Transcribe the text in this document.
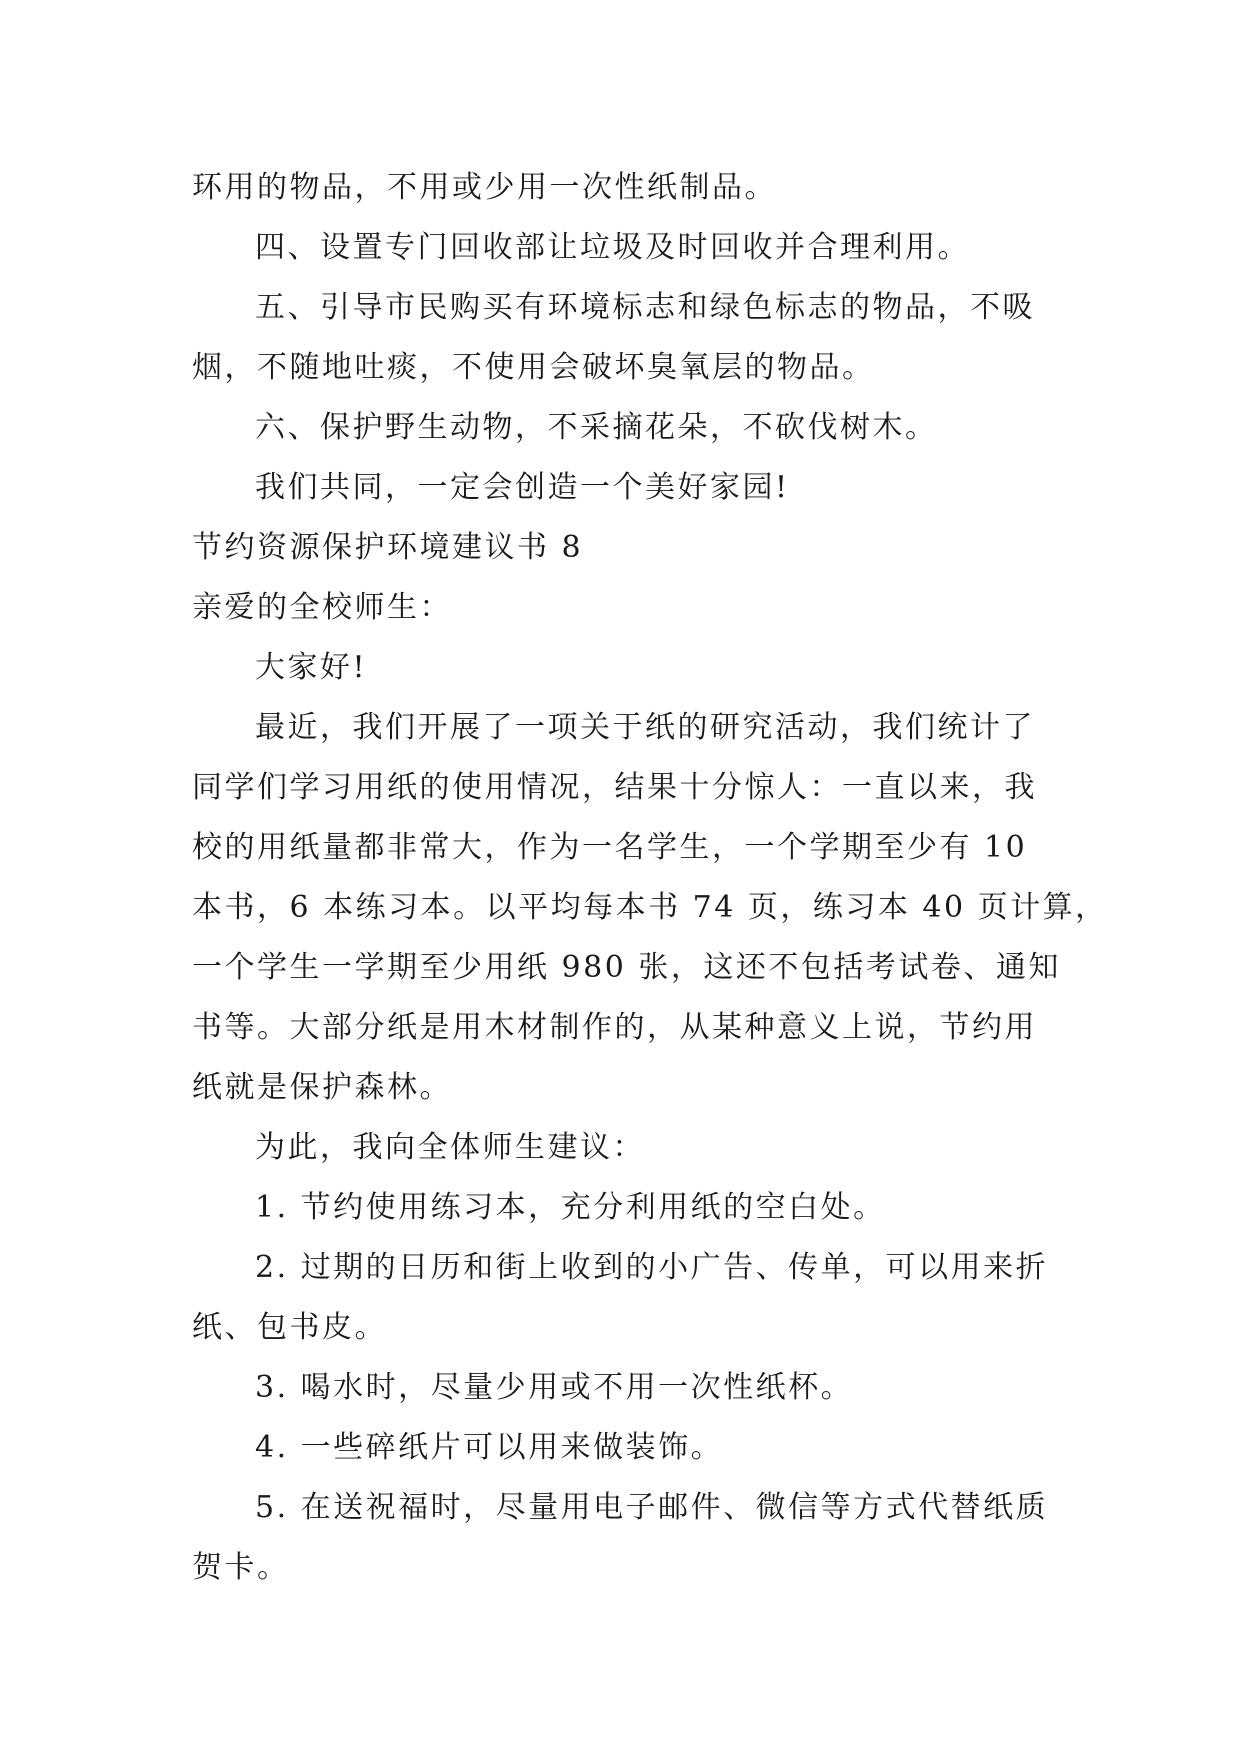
环用的物品，不用或少用一次性纸制品。
四、设置专门回收部让垃圾及时回收并合理利用。
五、引导市民购买有环境标志和绿色标志的物品，不吸
烟，不随地吐痰，不使用会破坏臭氧层的物品。
六、保护野生动物，不采摘花朵，不砍伐树木。
我们共同，一定会创造一个美好家园!
节约资源保护环境建议书 8
亲爱的全校师生：
大家好!
最近，我们开展了一项关于纸的研究活动，我们统计了
同学们学习用纸的使用情况，结果十分惊人：一直以来，我
校的用纸量都非常大，作为一名学生，一个学期至少有 10
本书，6 本练习本。以平均每本书 74 页，练习本 40 页计算，
一个学生一学期至少用纸 980 张，这还不包括考试卷、通知
书等。大部分纸是用木材制作的，从某种意义上说，节约用
纸就是保护森林。
为此，我向全体师生建议：
1. 节约使用练习本，充分利用纸的空白处。
2. 过期的日历和街上收到的小广告、传单，可以用来折
纸、包书皮。
3. 喝水时，尽量少用或不用一次性纸杯。
4. 一些碎纸片可以用来做装饰。
5. 在送祝福时，尽量用电子邮件、微信等方式代替纸质
贺卡。
